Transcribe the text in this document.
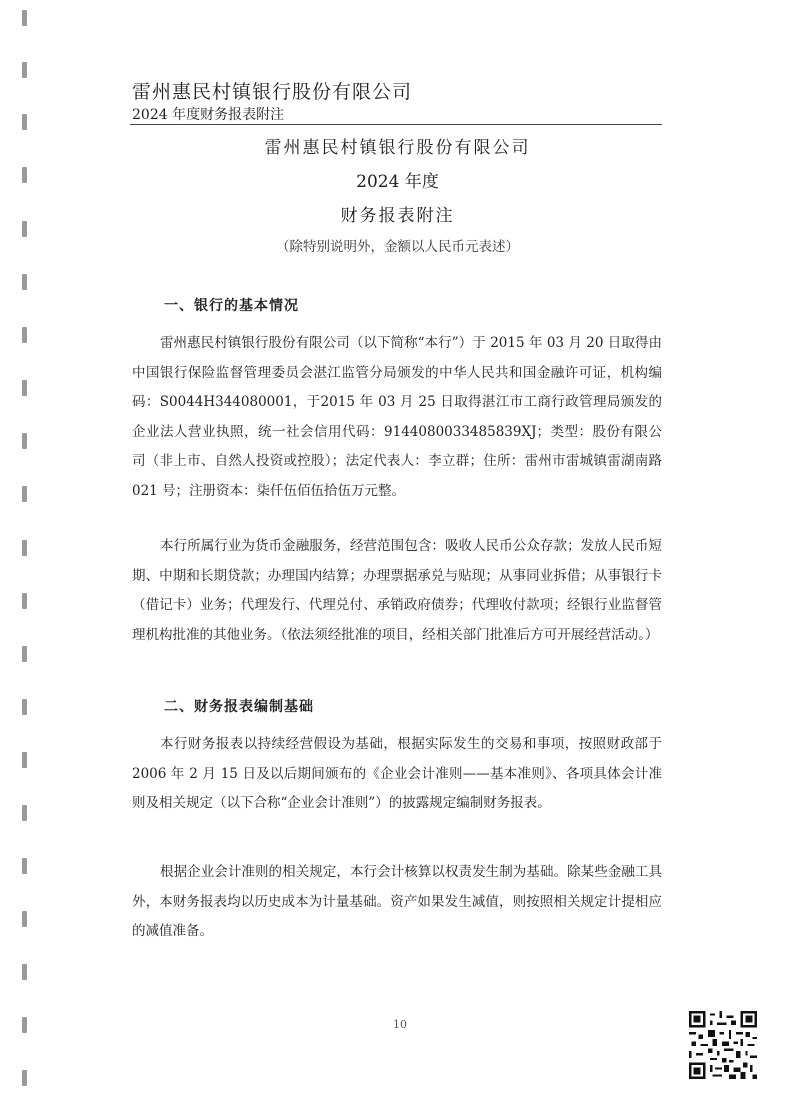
雷州惠民村镇银行股份有限公司
2024 年度财务报表附注
雷州惠民村镇银行股份有限公司
2024 年度
财务报表附注
（除特别说明外，金额以人民币元表述）
一、银行的基本情况
雷州惠民村镇银行股份有限公司（以下简称“本行”）于 2015 年 03 月 20 日取得由中国银行保险监督管理委员会湛江监管分局颁发的中华人民共和国金融许可证，机构编码：S0044H344080001，于2015 年 03 月 25 日取得湛江市工商行政管理局颁发的企业法人营业执照，统一社会信用代码：9144080033485839XJ；类型：股份有限公司（非上市、自然人投资或控股）；法定代表人：李立群；住所：雷州市雷城镇雷湖南路 021 号；注册资本：柒仟伍佰伍拾伍万元整。
本行所属行业为货币金融服务，经营范围包含：吸收人民币公众存款；发放人民币短期、中期和长期贷款；办理国内结算；办理票据承兑与贴现；从事同业拆借；从事银行卡（借记卡）业务；代理发行、代理兑付、承销政府债券；代理收付款项；经银行业监督管理机构批准的其他业务。（依法须经批准的项目，经相关部门批准后方可开展经营活动。）
二、财务报表编制基础
本行财务报表以持续经营假设为基础，根据实际发生的交易和事项，按照财政部于2006 年 2 月 15 日及以后期间颁布的《企业会计准则——基本准则》、各项具体会计准则及相关规定（以下合称“企业会计准则”）的披露规定编制财务报表。
根据企业会计准则的相关规定，本行会计核算以权责发生制为基础。除某些金融工具外，本财务报表均以历史成本为计量基础。资产如果发生减值，则按照相关规定计提相应的减值准备。
10
